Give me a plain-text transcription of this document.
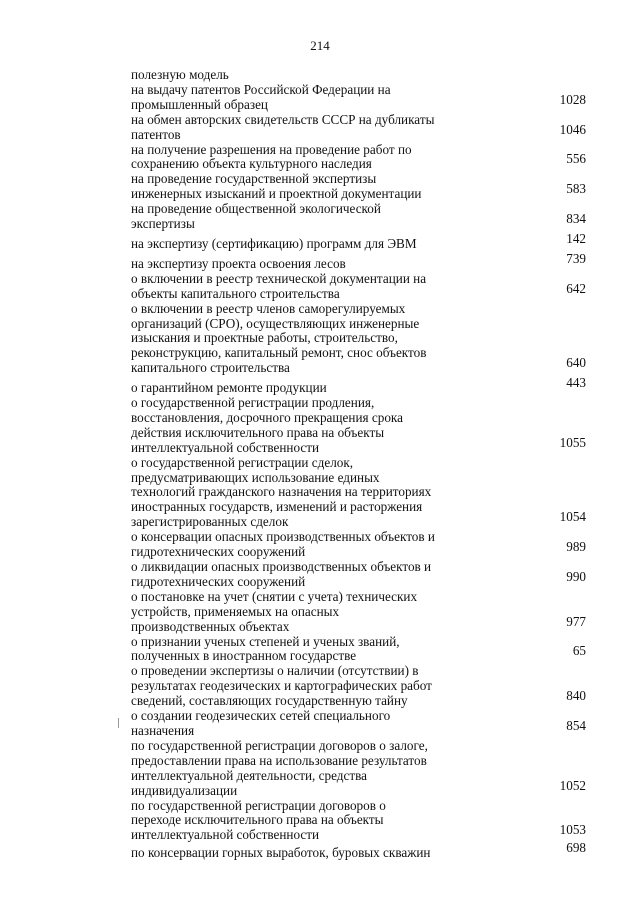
214
полезную модель
на выдачу патентов Российской Федерации на
промышленный образец	1028
на обмен авторских свидетельств СССР на дубликаты
патентов	1046
на получение разрешения на проведение работ по
сохранению объекта культурного наследия	556
на проведение государственной экспертизы
инженерных изысканий и проектной документации	583
на проведение общественной экологической
экспертизы	834
на экспертизу (сертификацию) программ для ЭВМ	142
на экспертизу проекта освоения лесов	739
о включении в реестр технической документации на
объекты капитального строительства	642
о включении в реестр членов саморегулируемых
организаций (СРО), осуществляющих инженерные
изыскания и проектные работы, строительство,
реконструкцию, капитальный ремонт, снос объектов
капитального строительства	640
о гарантийном ремонте продукции	443
о государственной регистрации продления,
восстановления, досрочного прекращения срока
действия исключительного права на объекты
интеллектуальной собственности	1055
о государственной регистрации сделок,
предусматривающих использование единых
технологий гражданского назначения на территориях
иностранных государств, изменений и расторжения
зарегистрированных сделок	1054
о консервации опасных производственных объектов и
гидротехнических сооружений	989
о ликвидации опасных производственных объектов и
гидротехнических сооружений	990
о постановке на учет (снятии с учета) технических
устройств, применяемых на опасных
производственных объектах	977
о признании ученых степеней и ученых званий,
полученных в иностранном государстве	65
о проведении экспертизы о наличии (отсутствии) в
результатах геодезических и картографических работ
сведений, составляющих государственную тайну	840
о создании геодезических сетей специального
назначения	854
по государственной регистрации договоров о залоге,
предоставлении права на использование результатов
интеллектуальной деятельности, средства
индивидуализации	1052
по государственной регистрации договоров о
переходе исключительного права на объекты
интеллектуальной собственности	1053
по консервации горных выработок, буровых скважин	698
